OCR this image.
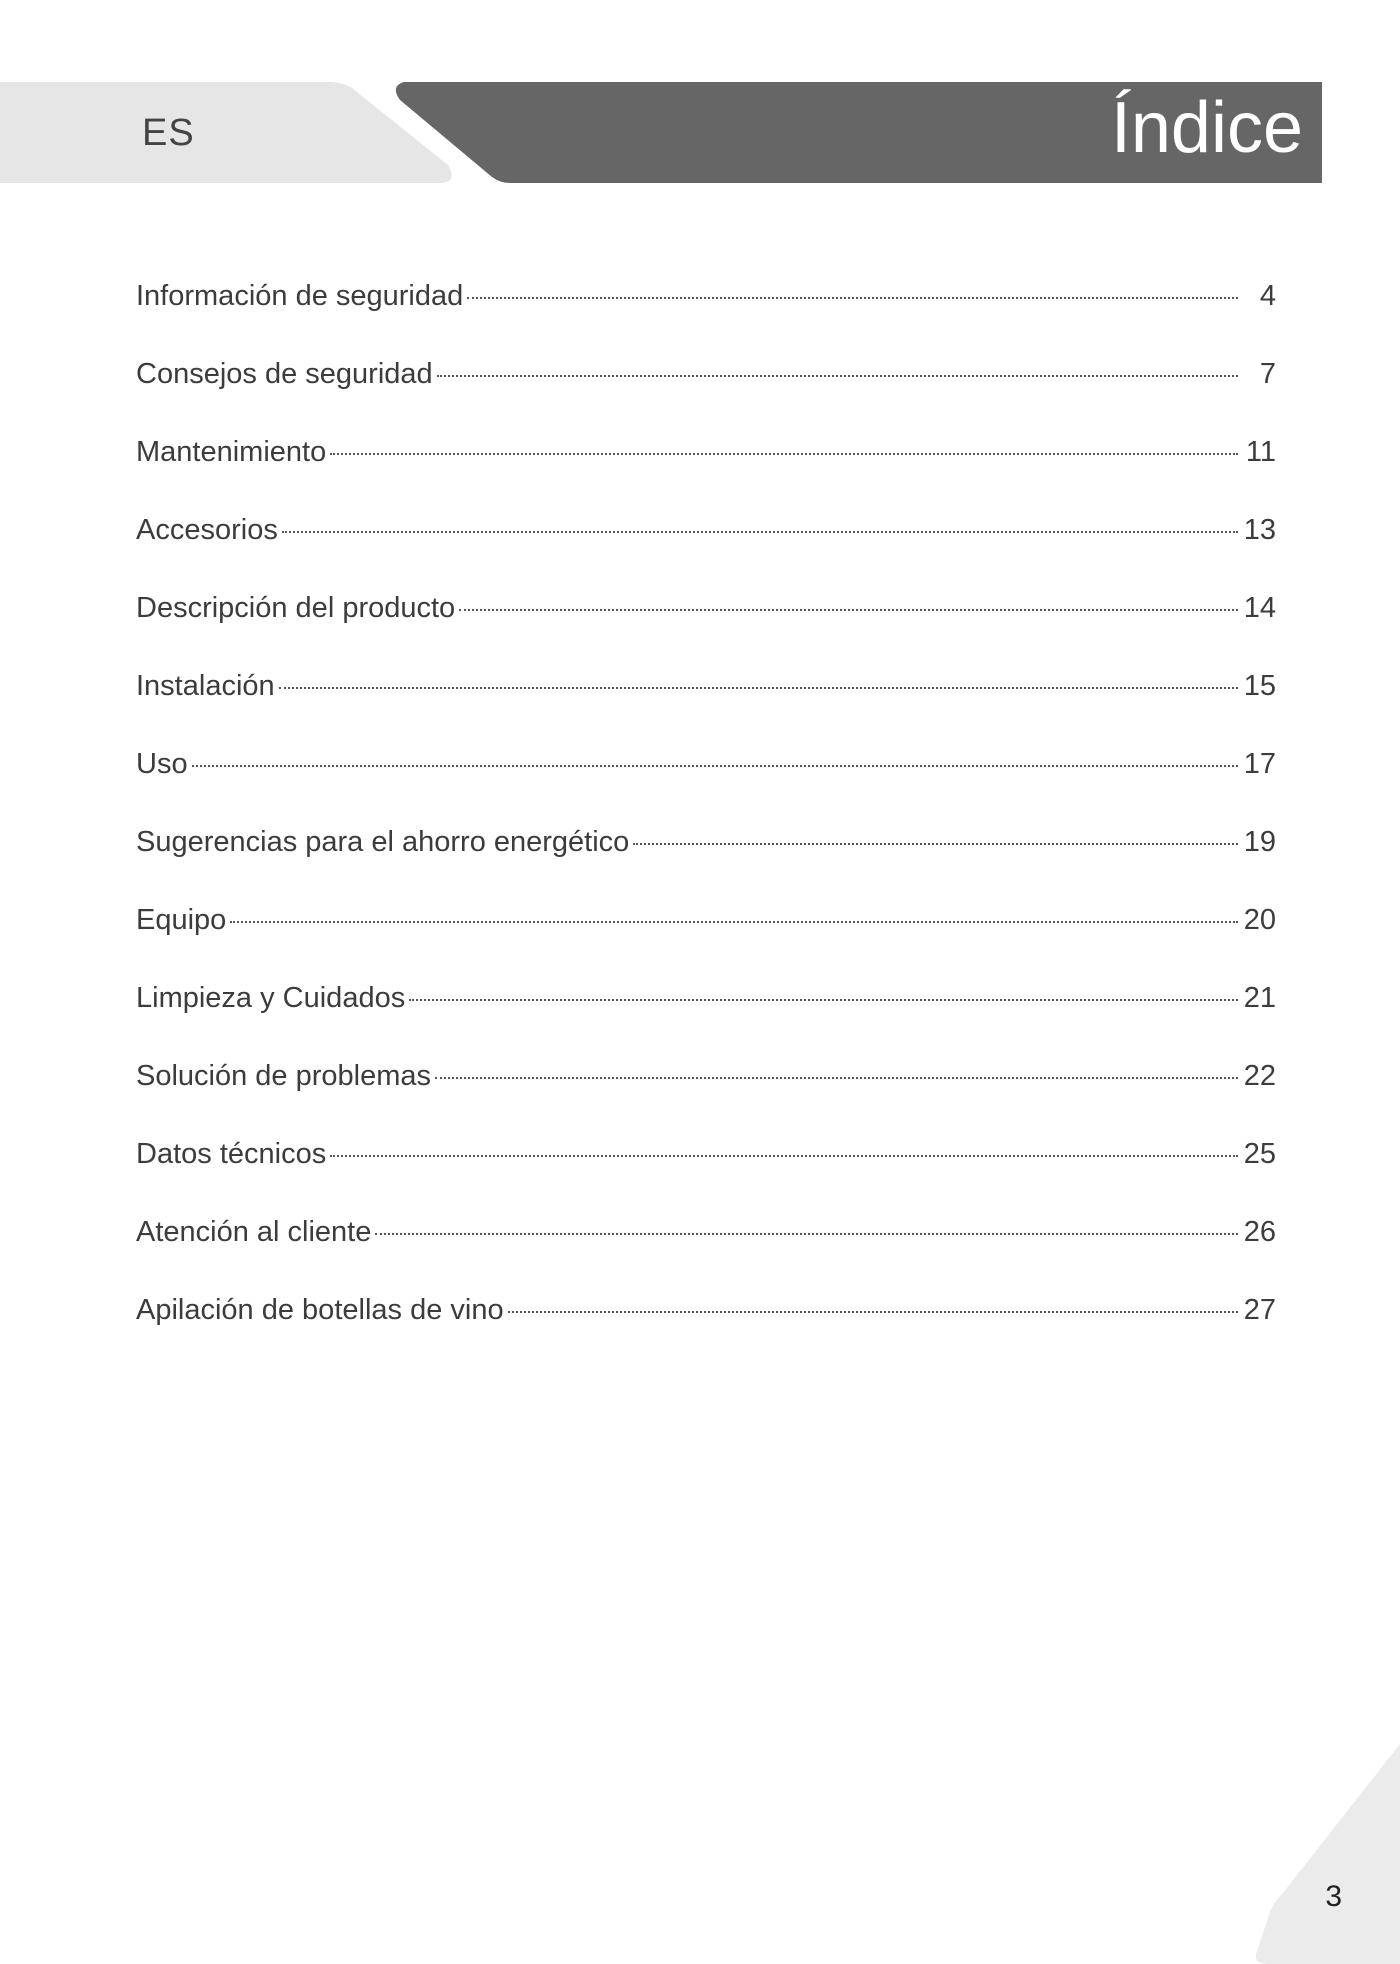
ES	Índice
Información de seguridad	4
Consejos de seguridad	7
Mantenimiento	11
Accesorios	13
Descripción del producto	14
Instalación	15
Uso	17
Sugerencias para el ahorro energético	19
Equipo	20
Limpieza y Cuidados	21
Solución de problemas	22
Datos técnicos	25
Atención al cliente	26
Apilación de botellas de vino	27
3
